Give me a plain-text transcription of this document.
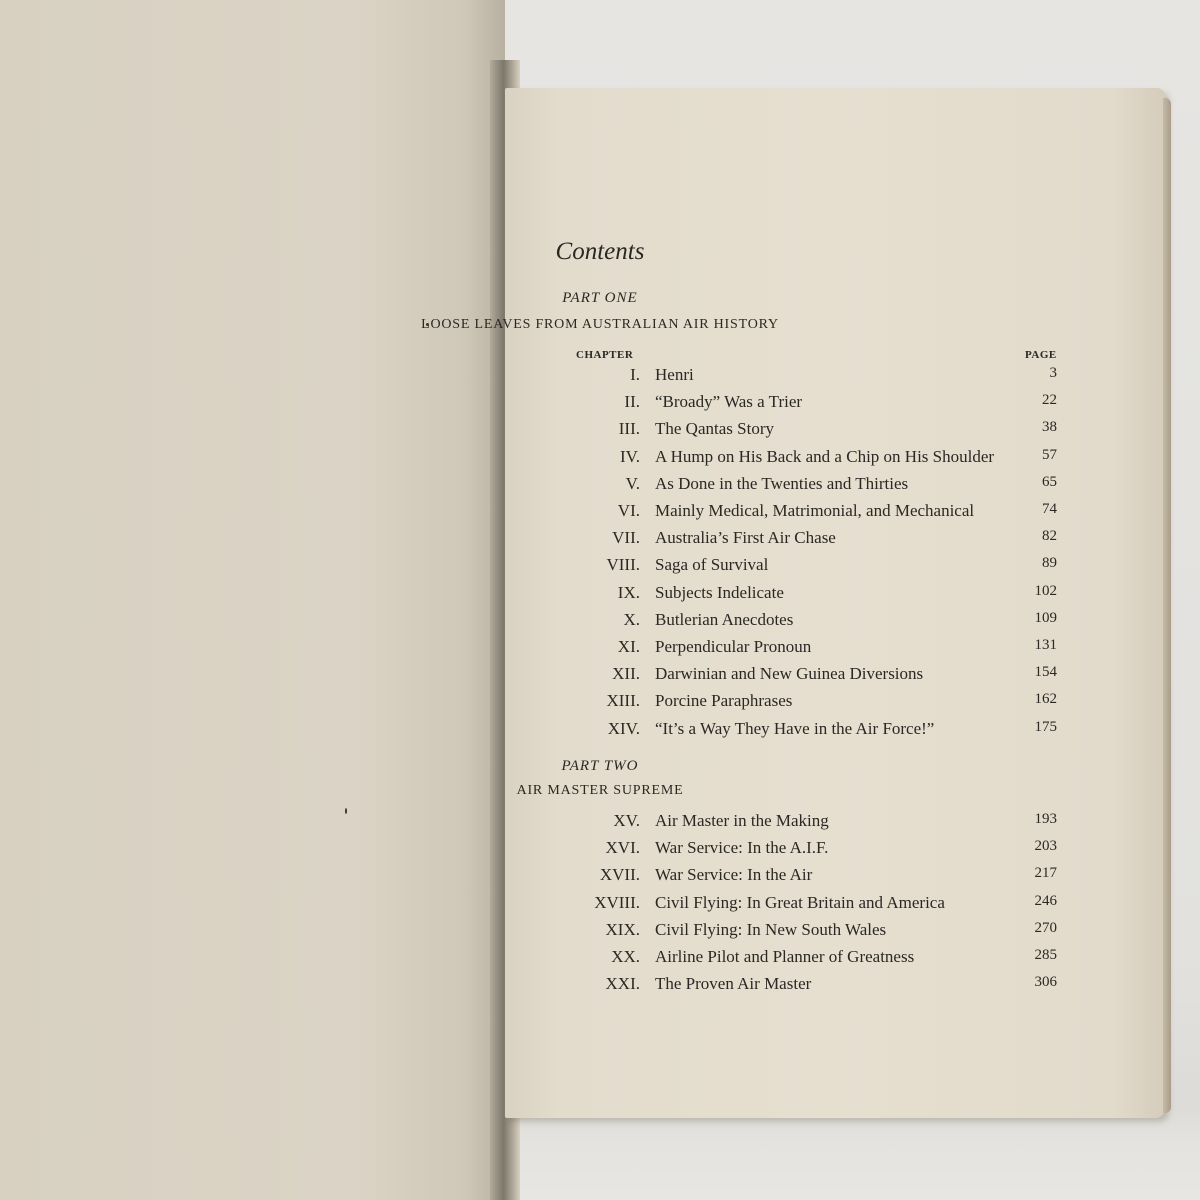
Contents
PART ONE
LOOSE LEAVES FROM AUSTRALIAN AIR HISTORY
CHAPTER	PAGE
I. Henri	3
II. “Broady” Was a Trier	22
III. The Qantas Story	38
IV. A Hump on His Back and a Chip on His Shoulder	57
V. As Done in the Twenties and Thirties	65
VI. Mainly Medical, Matrimonial, and Mechanical	74
VII. Australia’s First Air Chase	82
VIII. Saga of Survival	89
IX. Subjects Indelicate	102
X. Butlerian Anecdotes	109
XI. Perpendicular Pronoun	131
XII. Darwinian and New Guinea Diversions	154
XIII. Porcine Paraphrases	162
XIV. “It’s a Way They Have in the Air Force!”	175
PART TWO
AIR MASTER SUPREME
XV. Air Master in the Making	193
XVI. War Service: In the A.I.F.	203
XVII. War Service: In the Air	217
XVIII. Civil Flying: In Great Britain and America	246
XIX. Civil Flying: In New South Wales	270
XX. Airline Pilot and Planner of Greatness	285
XXI. The Proven Air Master	306
